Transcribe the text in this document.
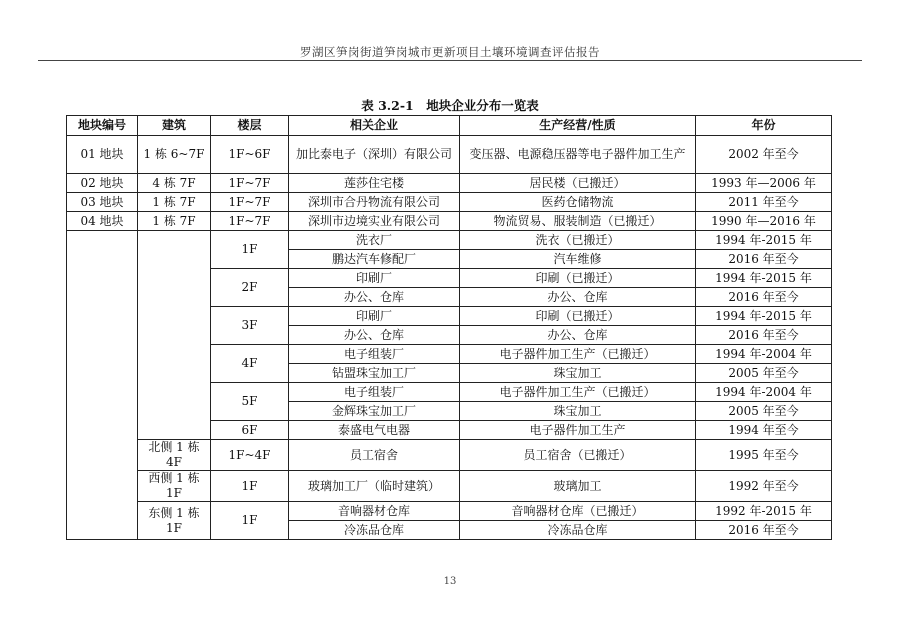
罗湖区笋岗街道笋岗城市更新项目土壤环境调查评估报告
表 3.2-1　地块企业分布一览表
地块编号	建筑	楼层	相关企业	生产经营/性质	年份
01 地块	1 栋 6~7F	1F~6F	加比泰电子（深圳）有限公司	变压器、电源稳压器等电子器件加工生产	2002 年至今
02 地块	4 栋 7F	1F~7F	莲莎住宅楼	居民楼（已搬迁）	1993 年—2006 年
03 地块	1 栋 7F	1F~7F	深圳市合丹物流有限公司	医药仓储物流	2011 年至今
04 地块	1 栋 7F	1F~7F	深圳市边境实业有限公司	物流贸易、服装制造（已搬迁）	1990 年—2016 年
		1F	洗衣厂	洗衣（已搬迁）	1994 年-2015 年
			鹏达汽车修配厂	汽车维修	2016 年至今
		2F	印刷厂	印刷（已搬迁）	1994 年-2015 年
			办公、仓库	办公、仓库	2016 年至今
		3F	印刷厂	印刷（已搬迁）	1994 年-2015 年
			办公、仓库	办公、仓库	2016 年至今
		4F	电子组装厂	电子器件加工生产（已搬迁）	1994 年-2004 年
			钻盟珠宝加工厂	珠宝加工	2005 年至今
		5F	电子组装厂	电子器件加工生产（已搬迁）	1994 年-2004 年
			金辉珠宝加工厂	珠宝加工	2005 年至今
		6F	泰盛电气电器	电子器件加工生产	1994 年至今
	北侧 1 栋 4F	1F~4F	员工宿舍	员工宿舍（已搬迁）	1995 年至今
	西侧 1 栋 1F	1F	玻璃加工厂（临时建筑）	玻璃加工	1992 年至今
	东侧 1 栋 1F	1F	音响器材仓库	音响器材仓库（已搬迁）	1992 年-2015 年
			冷冻品仓库	冷冻品仓库	2016 年至今
13
